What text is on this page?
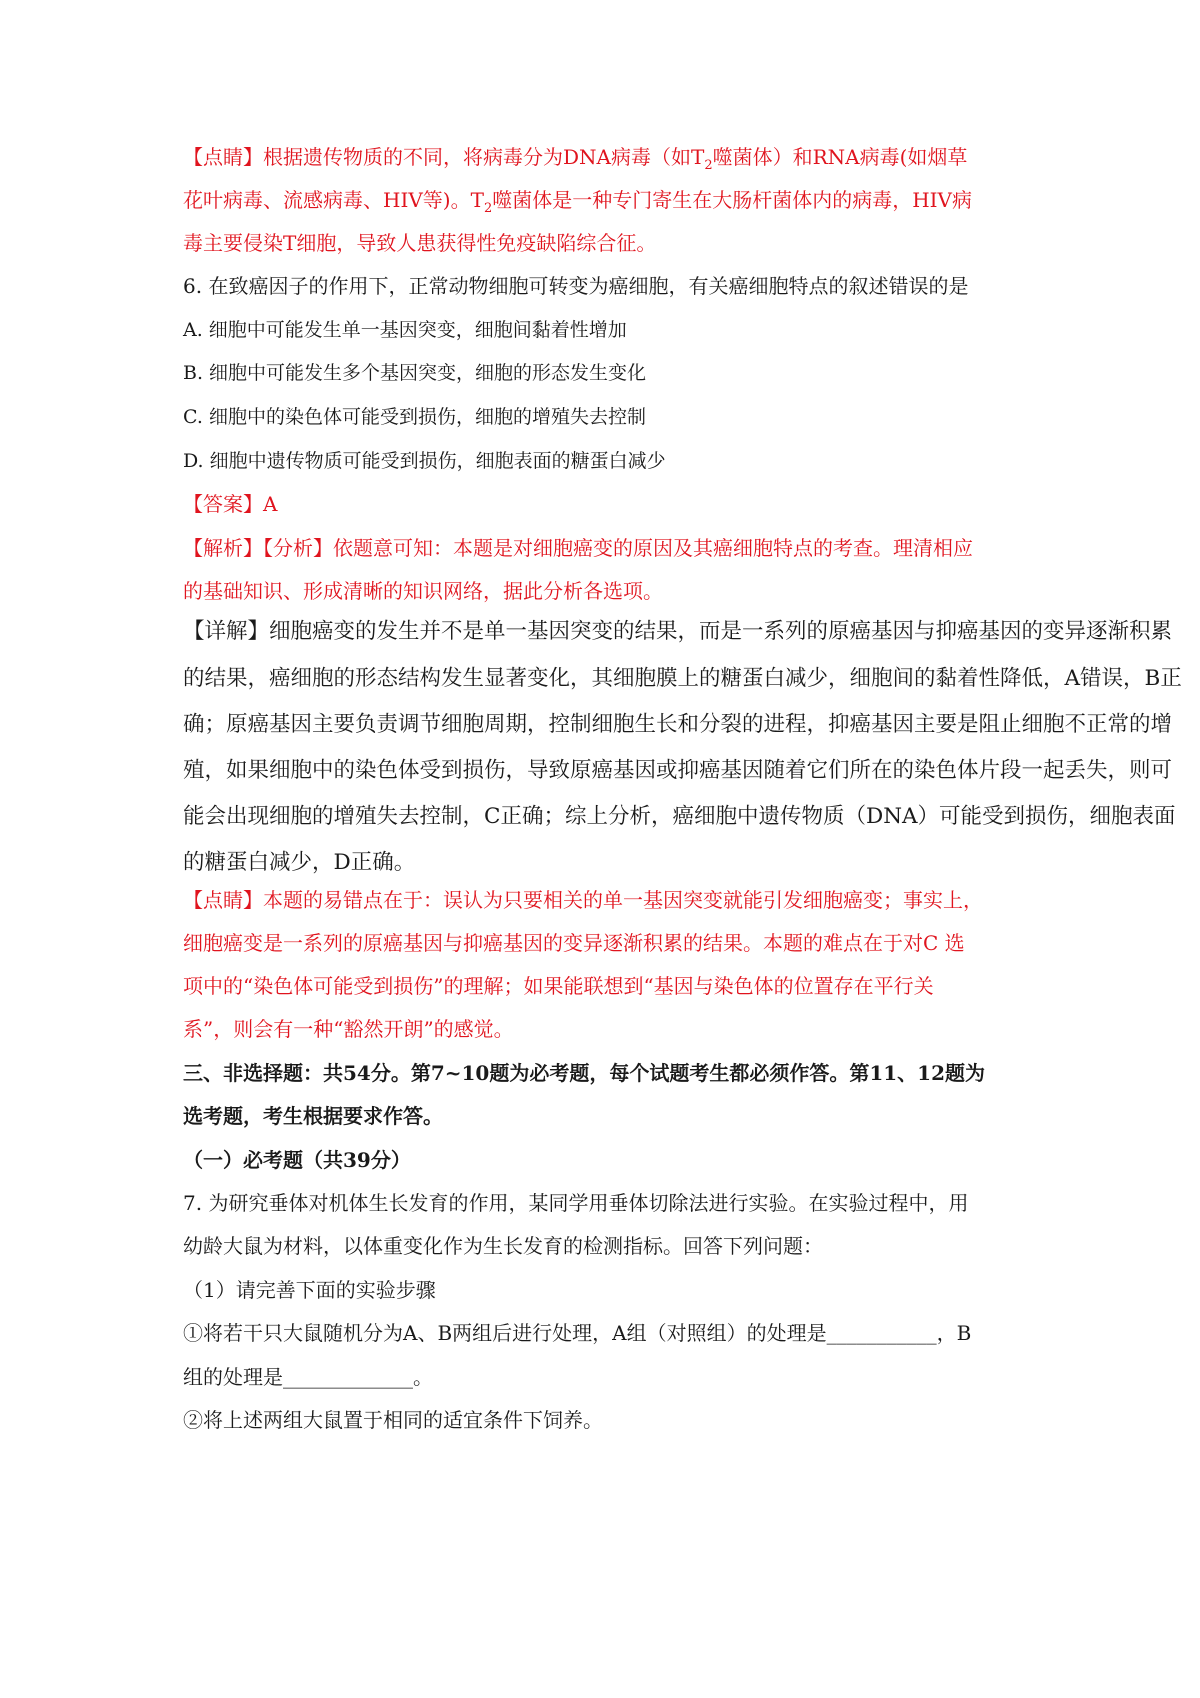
【点睛】根据遗传物质的不同，将病毒分为DNA病毒（如$T_2$噬菌体）和RNA病毒(如烟草

花叶病毒、流感病毒、HIV等)。$T_2$噬菌体是一种专门寄生在大肠杆菌体内的病毒，HIV病

毒主要侵染T细胞，导致人患获得性免疫缺陷综合征。

6. 在致癌因子的作用下，正常动物细胞可转变为癌细胞，有关癌细胞特点的叙述错误的是

A. 细胞中可能发生单一基因突变，细胞间黏着性增加

B. 细胞中可能发生多个基因突变，细胞的形态发生变化

C. 细胞中的染色体可能受到损伤，细胞的增殖失去控制

D. 细胞中遗传物质可能受到损伤，细胞表面的糖蛋白减少

【答案】A

【解析】【分析】依题意可知：本题是对细胞癌变的原因及其癌细胞特点的考查。理清相应

的基础知识、形成清晰的知识网络，据此分析各选项。

【详解】细胞癌变的发生并不是单一基因突变的结果，而是一系列的原癌基因与抑癌基因的变异逐渐积累

的结果，癌细胞的形态结构发生显著变化，其细胞膜上的糖蛋白减少，细胞间的黏着性降低，A错误，B正

确；原癌基因主要负责调节细胞周期，控制细胞生长和分裂的进程，抑癌基因主要是阻止细胞不正常的增

殖，如果细胞中的染色体受到损伤，导致原癌基因或抑癌基因随着它们所在的染色体片段一起丢失，则可

能会出现细胞的增殖失去控制，C正确；综上分析，癌细胞中遗传物质（DNA）可能受到损伤，细胞表面

的糖蛋白减少，D正确。

【点睛】本题的易错点在于：误认为只要相关的单一基因突变就能引发细胞癌变；事实上，

细胞癌变是一系列的原癌基因与抑癌基因的变异逐渐积累的结果。本题的难点在于对C 选

项中的“染色体可能受到损伤”的理解；如果能联想到“基因与染色体的位置存在平行关

系”，则会有一种“豁然开朗”的感觉。

三、非选择题：共54分。第7~10题为必考题，每个试题考生都必须作答。第11、12题为

选考题，考生根据要求作答。

（一）必考题（共39分）

7. 为研究垂体对机体生长发育的作用，某同学用垂体切除法进行实验。在实验过程中，用

幼龄大鼠为材料，以体重变化作为生长发育的检测指标。回答下列问题：

（1）请完善下面的实验步骤

①将若干只大鼠随机分为A、B两组后进行处理，A组（对照组）的处理是___________，B

组的处理是_____________。

②将上述两组大鼠置于相同的适宜条件下饲养。
